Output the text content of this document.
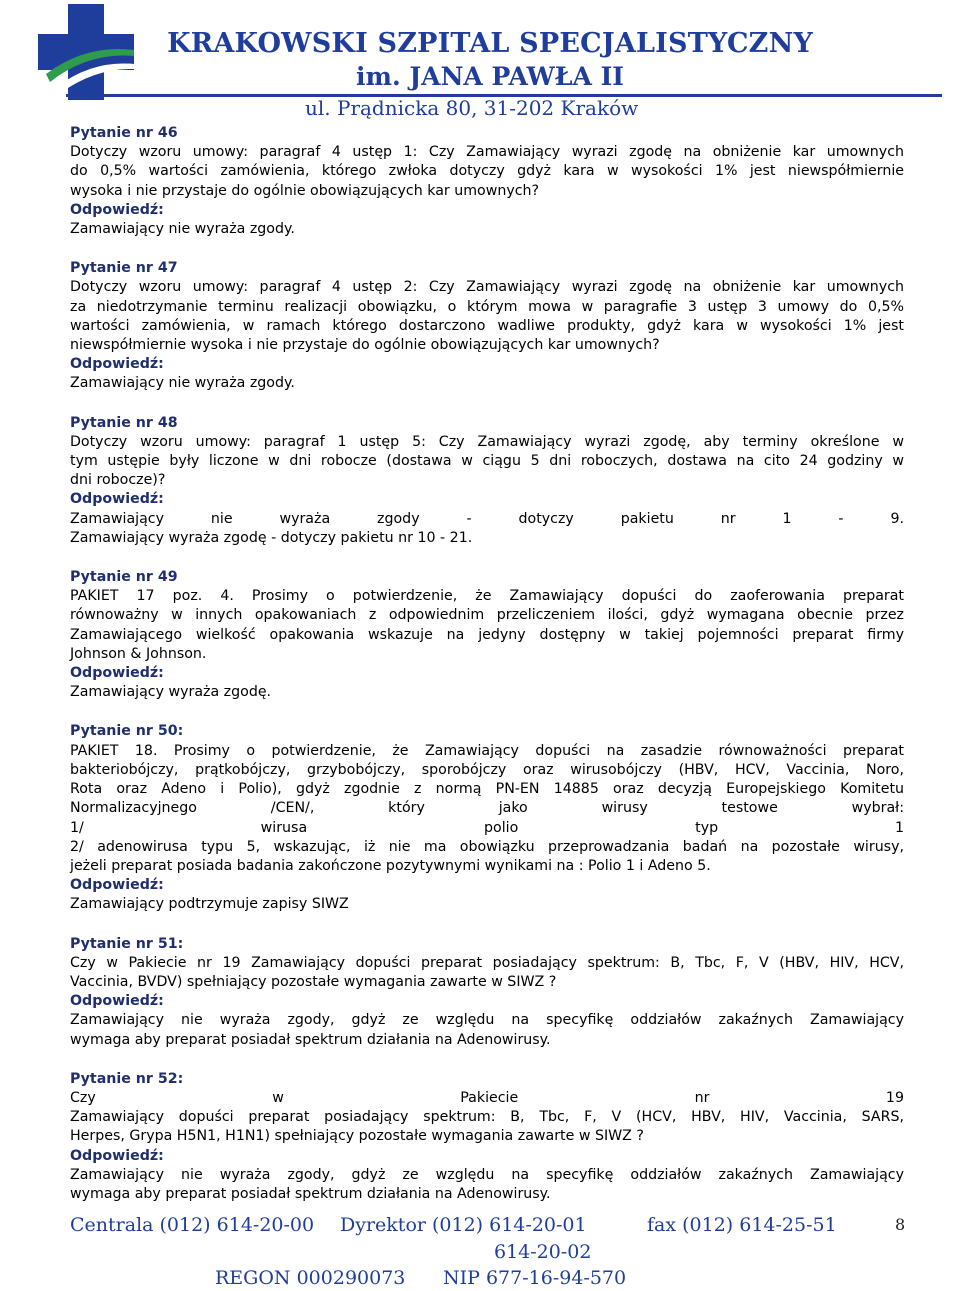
KRAKOWSKI SZPITAL SPECJALISTYCZNY
im. JANA PAWŁA II
ul. Prądnicka 80, 31-202 Kraków
Pytanie nr 46
Dotyczy wzoru umowy: paragraf 4 ustęp 1: Czy Zamawiający wyrazi zgodę na obniżenie kar umownych
do 0,5% wartości zamówienia, którego zwłoka dotyczy gdyż kara w wysokości 1% jest niewspółmiernie
wysoka i nie przystaje do ogólnie obowiązujących kar umownych?
Odpowiedź:
Zamawiający nie wyraża zgody.
Pytanie nr 47
Dotyczy wzoru umowy: paragraf 4 ustęp 2: Czy Zamawiający wyrazi zgodę na obniżenie kar umownych
za niedotrzymanie terminu realizacji obowiązku, o którym mowa w paragrafie 3 ustęp 3 umowy do 0,5%
wartości zamówienia, w ramach którego dostarczono wadliwe produkty, gdyż kara w wysokości 1% jest
niewspółmiernie wysoka i nie przystaje do ogólnie obowiązujących kar umownych?
Odpowiedź:
Zamawiający nie wyraża zgody.
Pytanie nr 48
Dotyczy wzoru umowy: paragraf 1 ustęp 5: Czy Zamawiający wyrazi zgodę, aby terminy określone w
tym ustępie były liczone w dni robocze (dostawa w ciągu 5 dni roboczych, dostawa na cito 24 godziny w
dni robocze)?
Odpowiedź:
Zamawiający nie wyraża zgody - dotyczy pakietu nr 1 - 9.
Zamawiający wyraża zgodę - dotyczy pakietu nr 10 - 21.
Pytanie nr 49
PAKIET 17 poz. 4. Prosimy o potwierdzenie, że Zamawiający dopuści do zaoferowania preparat
równoważny w innych opakowaniach z odpowiednim przeliczeniem ilości, gdyż wymagana obecnie przez
Zamawiającego wielkość opakowania wskazuje na jedyny dostępny w takiej pojemności preparat firmy
Johnson & Johnson.
Odpowiedź:
Zamawiający wyraża zgodę.
Pytanie nr 50:
PAKIET 18. Prosimy o potwierdzenie, że Zamawiający dopuści na zasadzie równoważności preparat
bakteriobójczy, prątkobójczy, grzybobójczy, sporobójczy oraz wirusobójczy (HBV, HCV, Vaccinia, Noro,
Rota oraz Adeno i Polio), gdyż zgodnie z normą PN-EN 14885 oraz decyzją Europejskiego Komitetu
Normalizacyjnego /CEN/, który jako wirusy testowe wybrał:
1/ wirusa polio typ 1
2/ adenowirusa typu 5, wskazując, iż nie ma obowiązku przeprowadzania badań na pozostałe wirusy,
jeżeli preparat posiada badania zakończone pozytywnymi wynikami na : Polio 1 i Adeno 5.
Odpowiedź:
Zamawiający podtrzymuje zapisy SIWZ
Pytanie nr 51:
Czy w Pakiecie nr 19 Zamawiający dopuści preparat posiadający spektrum: B, Tbc, F, V (HBV, HIV, HCV,
Vaccinia, BVDV) spełniający pozostałe wymagania zawarte w SIWZ ?
Odpowiedź:
Zamawiający nie wyraża zgody, gdyż ze względu na specyfikę oddziałów zakaźnych Zamawiający
wymaga aby preparat posiadał spektrum działania na Adenowirusy.
Pytanie nr 52:
Czy w Pakiecie nr 19
Zamawiający dopuści preparat posiadający spektrum: B, Tbc, F, V (HCV, HBV, HIV, Vaccinia, SARS,
Herpes, Grypa H5N1, H1N1) spełniający pozostałe wymagania zawarte w SIWZ ?
Odpowiedź:
Zamawiający nie wyraża zgody, gdyż ze względu na specyfikę oddziałów zakaźnych Zamawiający
wymaga aby preparat posiadał spektrum działania na Adenowirusy.
Centrala (012) 614-20-00 Dyrektor (012) 614-20-01	fax (012) 614-25-51	8
614-20-02
REGON 000290073 NIP 677-16-94-570
